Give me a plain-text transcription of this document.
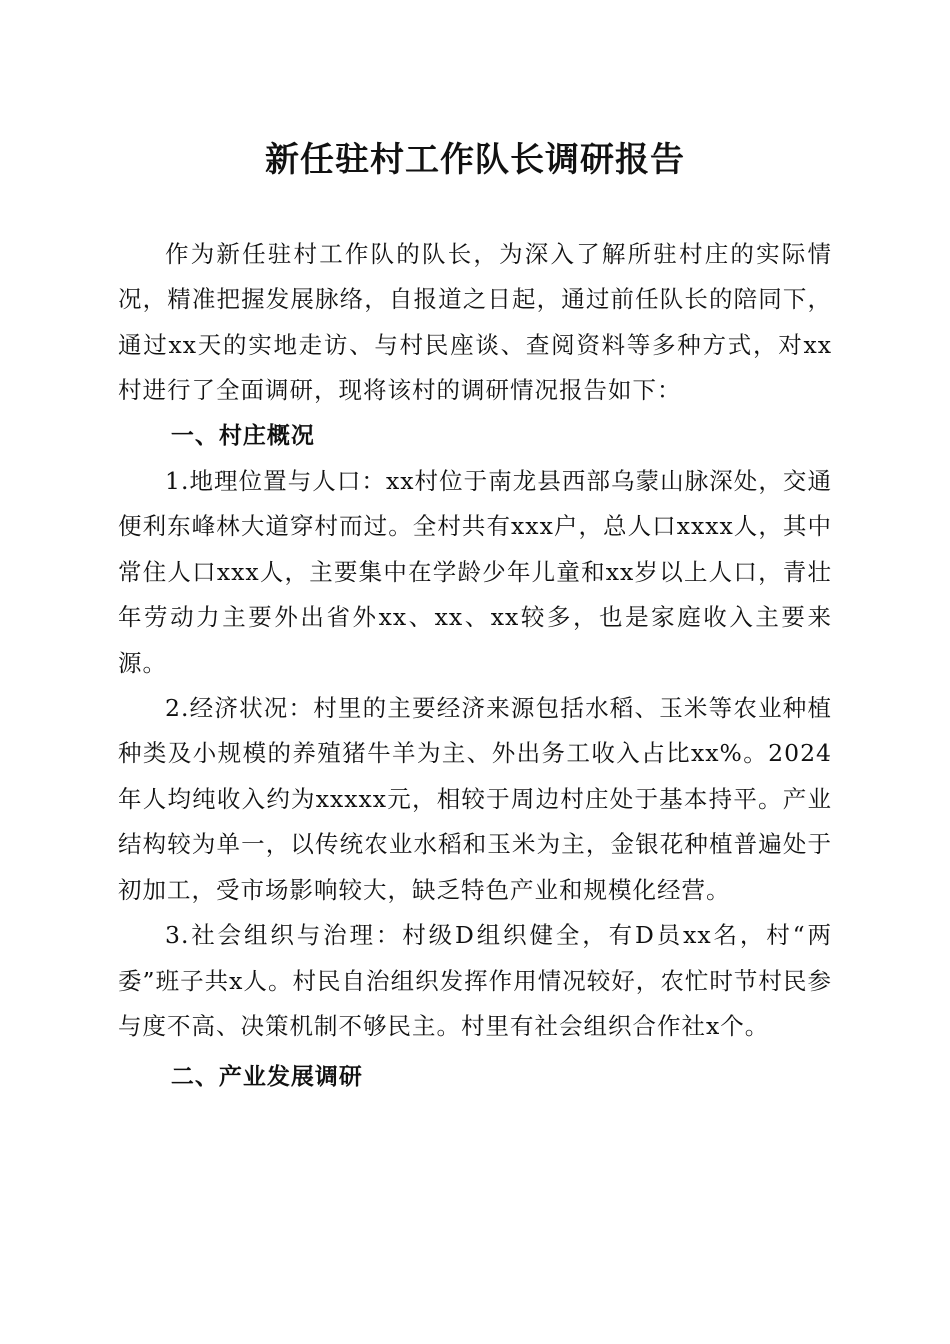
新任驻村工作队长调研报告

作为新任驻村工作队的队长，为深入了解所驻村庄的实际情况，精准把握发展脉络，自报道之日起，通过前任队长的陪同下，通过xx天的实地走访、与村民座谈、查阅资料等多种方式，对xx村进行了全面调研，现将该村的调研情况报告如下：

一、村庄概况

1.地理位置与人口：xx村位于南龙县西部乌蒙山脉深处，交通便利东峰林大道穿村而过。全村共有xxx户，总人口xxxx人，其中常住人口xxx人，主要集中在学龄少年儿童和xx岁以上人口，青壮年劳动力主要外出省外xx、xx、xx较多，也是家庭收入主要来源。

2.经济状况：村里的主要经济来源包括水稻、玉米等农业种植种类及小规模的养殖猪牛羊为主、外出务工收入占比xx%。2024年人均纯收入约为xxxxx元，相较于周边村庄处于基本持平。产业结构较为单一，以传统农业水稻和玉米为主，金银花种植普遍处于初加工，受市场影响较大，缺乏特色产业和规模化经营。

3.社会组织与治理：村级D组织健全，有D员xx名，村“两委”班子共x人。村民自治组织发挥作用情况较好，农忙时节村民参与度不高、决策机制不够民主。村里有社会组织合作社x个。

二、产业发展调研
